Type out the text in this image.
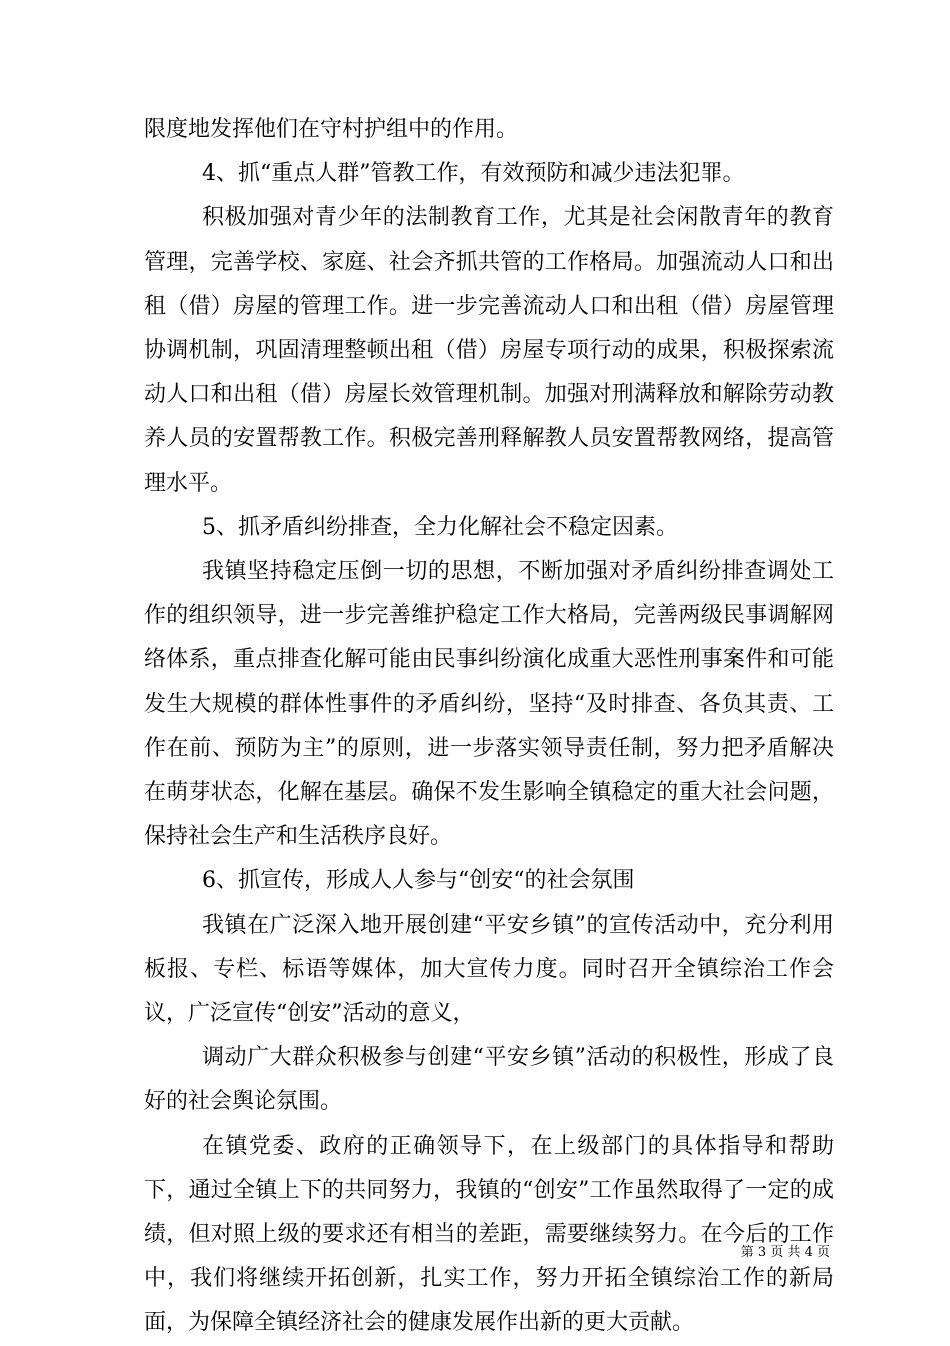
限度地发挥他们在守村护组中的作用。

4、抓“重点人群”管教工作，有效预防和减少违法犯罪。

积极加强对青少年的法制教育工作，尤其是社会闲散青年的教育管理，完善学校、家庭、社会齐抓共管的工作格局。加强流动人口和出租（借）房屋的管理工作。进一步完善流动人口和出租（借）房屋管理协调机制，巩固清理整顿出租（借）房屋专项行动的成果，积极探索流动人口和出租（借）房屋长效管理机制。加强对刑满释放和解除劳动教养人员的安置帮教工作。积极完善刑释解教人员安置帮教网络，提高管理水平。

5、抓矛盾纠纷排查，全力化解社会不稳定因素。

我镇坚持稳定压倒一切的思想，不断加强对矛盾纠纷排查调处工作的组织领导，进一步完善维护稳定工作大格局，完善两级民事调解网络体系，重点排查化解可能由民事纠纷演化成重大恶性刑事案件和可能发生大规模的群体性事件的矛盾纠纷，坚持“及时排查、各负其责、工作在前、预防为主”的原则，进一步落实领导责任制，努力把矛盾解决在萌芽状态，化解在基层。确保不发生影响全镇稳定的重大社会问题，保持社会生产和生活秩序良好。

6、抓宣传，形成人人参与“创安“的社会氛围

我镇在广泛深入地开展创建“平安乡镇”的宣传活动中，充分利用板报、专栏、标语等媒体，加大宣传力度。同时召开全镇综治工作会议，广泛宣传“创安”活动的意义，

调动广大群众积极参与创建“平安乡镇”活动的积极性，形成了良好的社会舆论氛围。

在镇党委、政府的正确领导下，在上级部门的具体指导和帮助下，通过全镇上下的共同努力，我镇的“创安”工作虽然取得了一定的成绩，但对照上级的要求还有相当的差距，需要继续努力。在今后的工作中，我们将继续开拓创新，扎实工作，努力开拓全镇综治工作的新局面，为保障全镇经济社会的健康发展作出新的更大贡献。

第 3 页 共 4 页
